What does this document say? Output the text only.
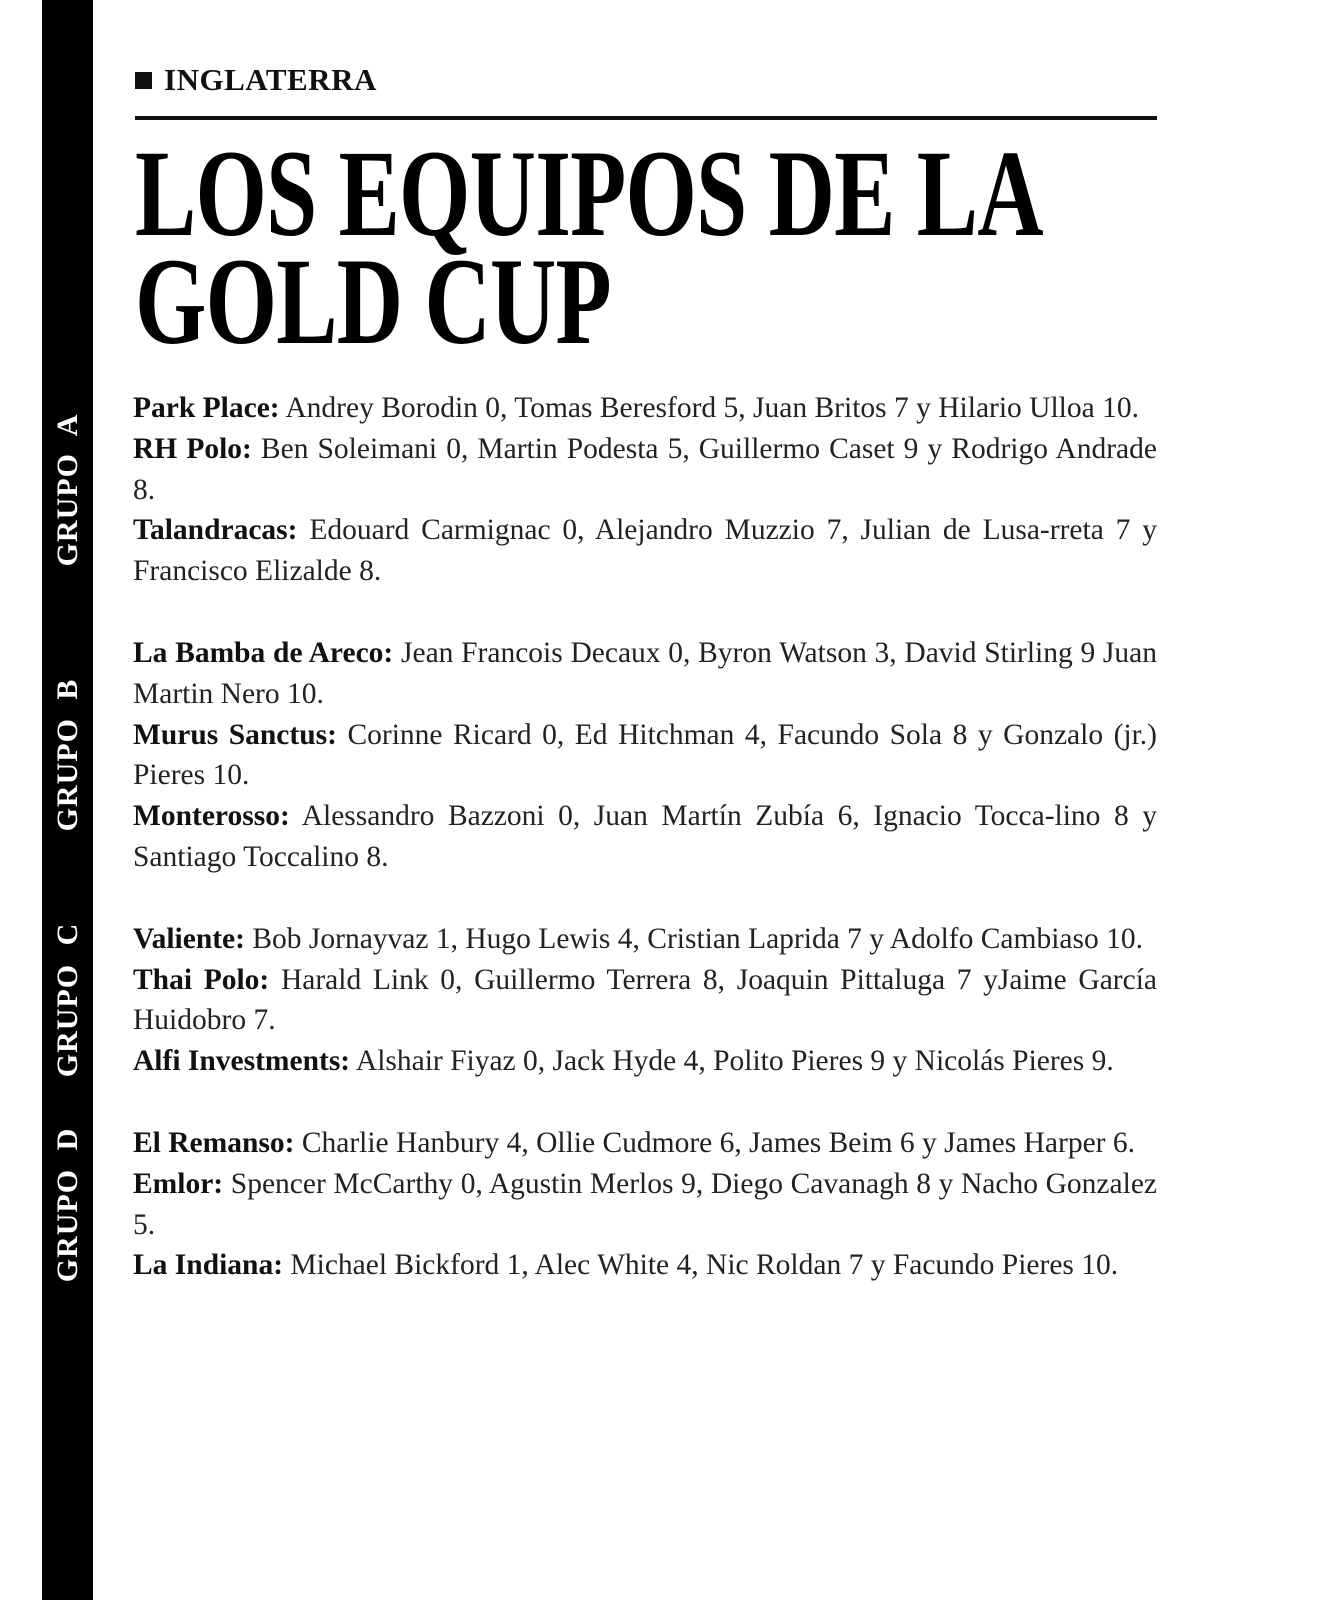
INGLATERRA
LOS EQUIPOS DE LA
GOLD CUP
GRUPO A

Park Place: Andrey Borodin 0, Tomas Beresford 5, Juan Britos 7 y Hilario Ulloa 10.

RH Polo: Ben Soleimani 0, Martin Podesta 5, Guillermo Caset 9 y Rodrigo Andrade 8.

Talandracas: Edouard Carmignac 0, Alejandro Muzzio 7, Julian de Lusa-rreta 7 y Francisco Elizalde 8.

GRUPO B

La Bamba de Areco: Jean Francois Decaux 0, Byron Watson 3, David Stirling 9 Juan Martin Nero 10.

Murus Sanctus: Corinne Ricard 0, Ed Hitchman 4, Facundo Sola 8 y Gonzalo (jr.) Pieres 10.

Monterosso: Alessandro Bazzoni 0, Juan Martín Zubía 6, Ignacio Tocca-lino 8 y Santiago Toccalino 8.

GRUPO C Valiente: Bob Jornayvaz 1, Hugo Lewis 4, Cristian Laprida 7 y Adolfo Cambiaso 10.

Thai Polo: Harald Link 0, Guillermo Terrera 8, Joaquin Pittaluga 7 yJaime García Huidobro 7.

Alfi Investments: Alshair Fiyaz 0, Jack Hyde 4, Polito Pieres 9 y Nicolás Pieres 9.

GRUPO D El Remanso: Charlie Hanbury 4, Ollie Cudmore 6, James Beim 6 y James Harper 6.

Emlor: Spencer McCarthy 0, Agustin Merlos 9, Diego Cavanagh 8 y Nacho Gonzalez 5.

La Indiana: Michael Bickford 1, Alec White 4, Nic Roldan 7 y Facundo Pieres 10.
